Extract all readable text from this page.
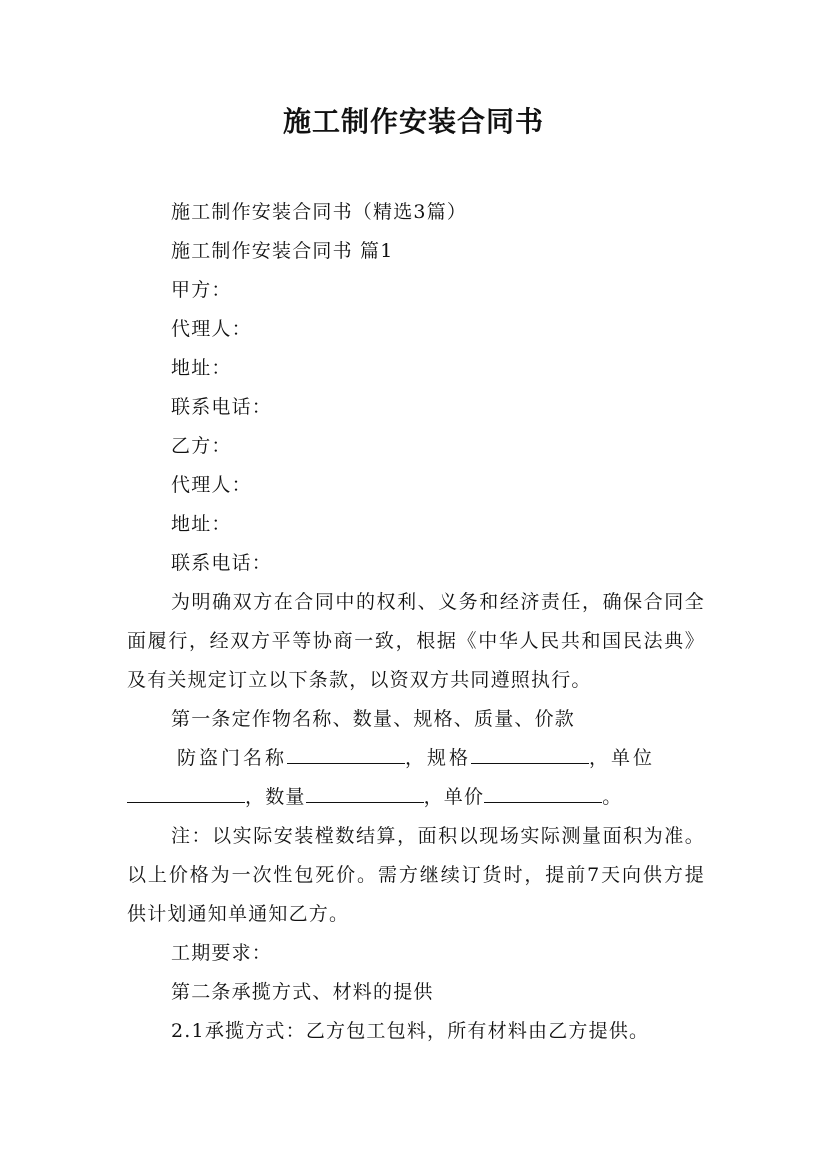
施工制作安装合同书

施工制作安装合同书（精选3篇）

施工制作安装合同书 篇1

甲方：

代理人：

地址：

联系电话：

乙方：

代理人：

地址：

联系电话：

为明确双方在合同中的权利、义务和经济责任，确保合同全面履行，经双方平等协商一致，根据《中华人民共和国民法典》及有关规定订立以下条款，以资双方共同遵照执行。

第一条定作物名称、数量、规格、质量、价款

防盗门名称	，规格	，单位

，数量	，单价	。

注：以实际安装樘数结算，面积以现场实际测量面积为准。以上价格为一次性包死价。需方继续订货时，提前7天向供方提供计划通知单通知乙方。

工期要求：

第二条承揽方式、材料的提供

2.1承揽方式：乙方包工包料，所有材料由乙方提供。
